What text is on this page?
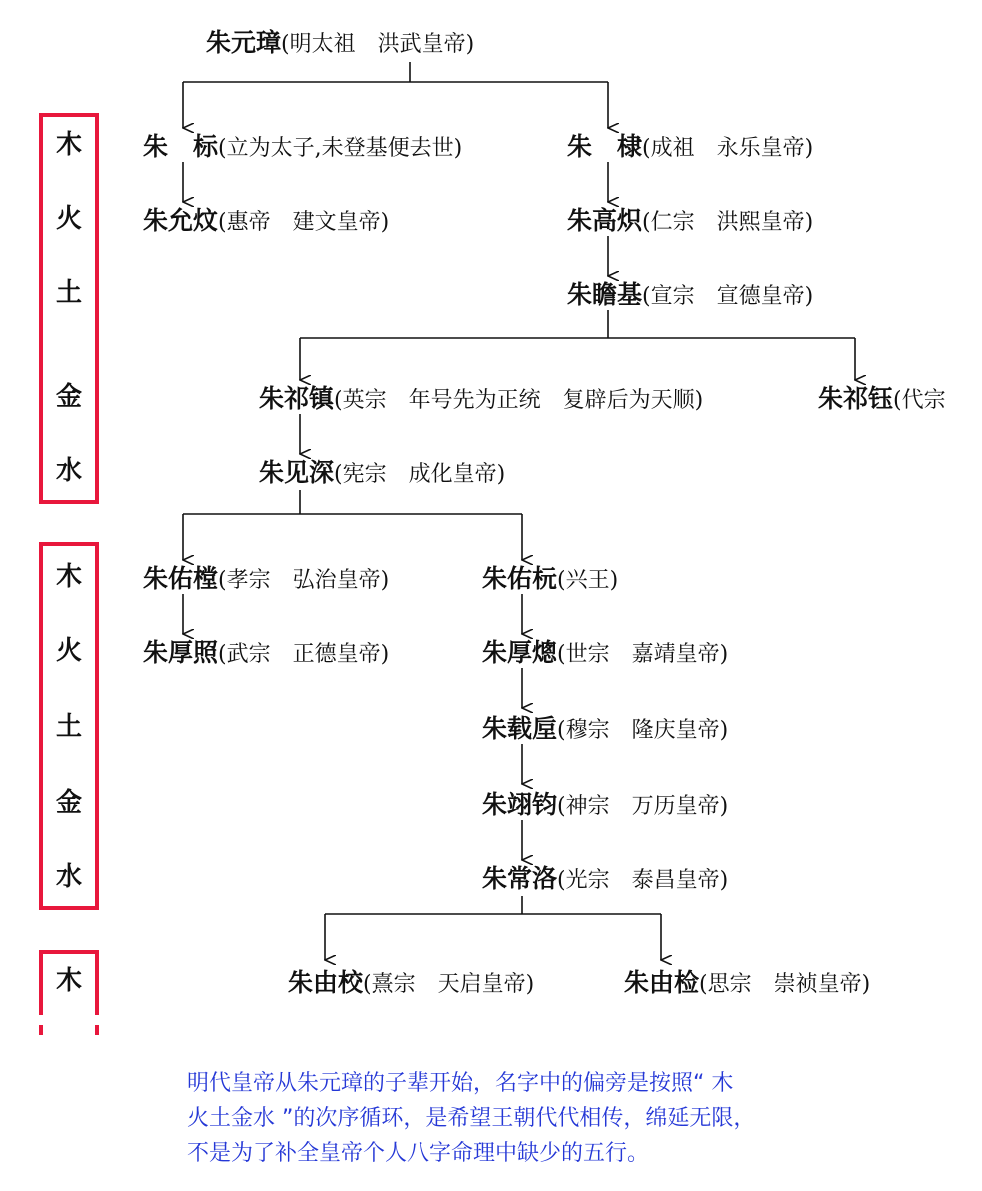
朱元璋(明太祖　洪武皇帝)
朱　标(立为太子,未登基便去世)	朱　棣(成祖　永乐皇帝)
朱允炆(惠帝　建文皇帝)	朱高炽(仁宗　洪熙皇帝)
朱瞻基(宣宗　宣德皇帝)
朱祁镇(英宗　年号先为正统　复辟后为天顺)	朱祁钰(代宗
朱见深(宪宗　成化皇帝)
朱佑樘(孝宗　弘治皇帝)	朱佑杬(兴王)
朱厚照(武宗　正德皇帝)	朱厚熜(世宗　嘉靖皇帝)
朱载垕(穆宗　隆庆皇帝)
朱翊钧(神宗　万历皇帝)
朱常洛(光宗　泰昌皇帝)
朱由校(熹宗　天启皇帝)	朱由检(思宗　崇祯皇帝)
木
火
土
金
水
木
火
土
金
水
木
明代皇帝从朱元璋的子辈开始，名字中的偏旁是按照“ 木
火土金水 ”的次序循环，是希望王朝代代相传，绵延无限，
不是为了补全皇帝个人八字命理中缺少的五行。
